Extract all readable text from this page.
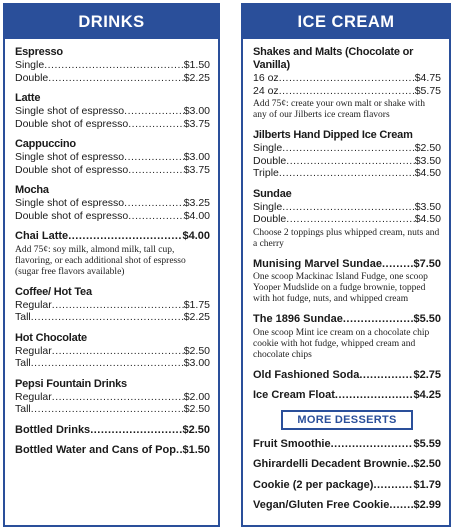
DRINKS
Espresso
Single .....	$1.50
Double .....	$2.25
Latte
Single shot of espresso .....	$3.00
Double shot of espresso .....	$3.75
Cappuccino
Single shot of espresso .....	$3.00
Double shot of espresso .....	$3.75
Mocha
Single shot of espresso .....	$3.25
Double shot of espresso .....	$4.00
Chai Latte .....	$4.00
Add 75¢: soy milk, almond milk, tall cup, flavoring, or each additional shot of espresso (sugar free flavors available)
Coffee/ Hot Tea
Regular .....	$1.75
Tall .....	$2.25
Hot Chocolate
Regular .....	$2.50
Tall .....	$3.00
Pepsi Fountain Drinks
Regular .....	$2.00
Tall .....	$2.50
Bottled Drinks .....	$2.50
Bottled Water and Cans of Pop ..... $1.50
ICE CREAM
Shakes and Malts (Chocolate or Vanilla)
16 oz .....	$4.75
24 oz .....	$5.75
Add 75¢: create your own malt or shake with any of our Jilberts ice cream flavors
Jilberts Hand Dipped Ice Cream
Single .....	$2.50
Double .....	$3.50
Triple .....	$4.50
Sundae
Single .....	$3.50
Double .....	$4.50
Choose 2 toppings plus whipped cream, nuts and a cherry
Munising Marvel Sundae .....	$7.50
One scoop Mackinac Island Fudge, one scoop Yooper Mudslide on a fudge brownie, topped with hot fudge, nuts, and whipped cream
The 1896 Sundae .....	$5.50
One scoop Mint ice cream on a chocolate chip cookie with hot fudge, whipped cream and chocolate chips
Old Fashioned Soda .....	$2.75
Ice Cream Float .....	$4.25
MORE DESSERTS
Fruit Smoothie .....	$5.59
Ghirardelli Decadent Brownie ..... $2.50
Cookie (2 per package) .....	$1.79
Vegan/Gluten Free Cookie ..... $2.99
